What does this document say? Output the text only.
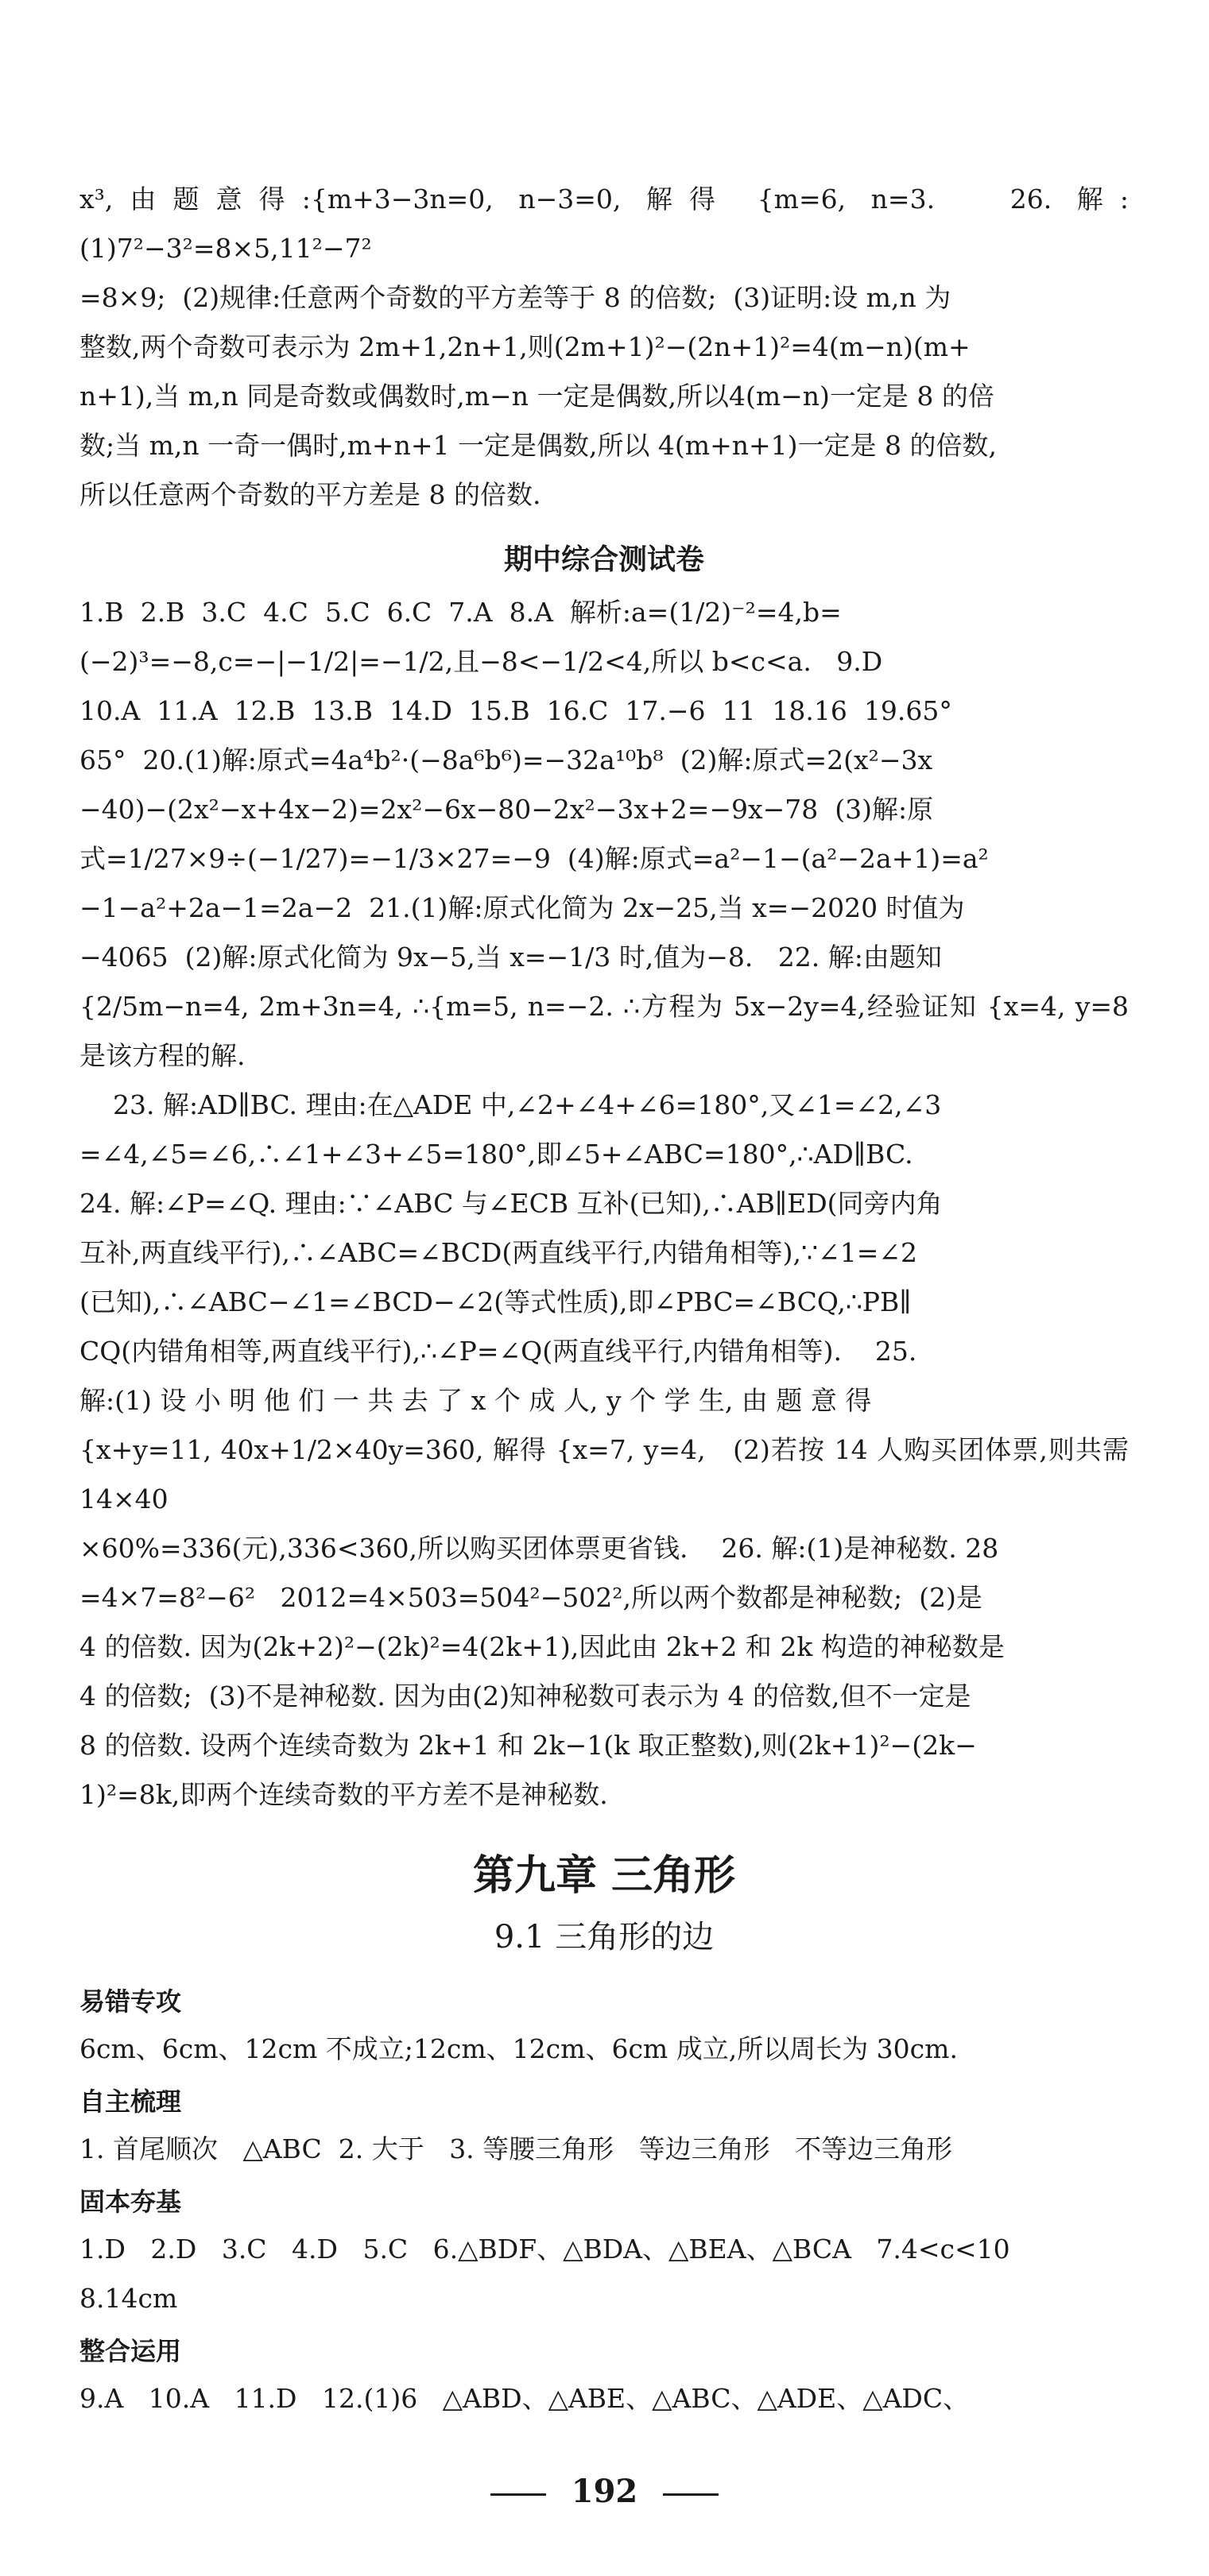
x³,由题意得:{m+3−3n=0, n−3=0, 解得 {m=6, n=3.   26. 解:(1)7²−3²=8×5,11²−7²

=8×9;  (2)规律:任意两个奇数的平方差等于 8 的倍数;  (3)证明:设 m,n 为

整数,两个奇数可表示为 2m+1,2n+1,则(2m+1)²−(2n+1)²=4(m−n)(m+

n+1),当 m,n 同是奇数或偶数时,m−n 一定是偶数,所以4(m−n)一定是 8 的倍

数;当 m,n 一奇一偶时,m+n+1 一定是偶数,所以 4(m+n+1)一定是 8 的倍数,

所以任意两个奇数的平方差是 8 的倍数.

期中综合测试卷

1.B  2.B  3.C  4.C  5.C  6.C  7.A  8.A  解析:a=(1/2)⁻²=4,b=

(−2)³=−8,c=−|−1/2|=−1/2,且−8<−1/2<4,所以 b<c<a.   9.D

10.A  11.A  12.B  13.B  14.D  15.B  16.C  17.−6  11  18.16  19.65°

65°  20.(1)解:原式=4a⁴b²·(−8a⁶b⁶)=−32a¹⁰b⁸  (2)解:原式=2(x²−3x

−40)−(2x²−x+4x−2)=2x²−6x−80−2x²−3x+2=−9x−78  (3)解:原

式=1/27×9÷(−1/27)=−1/3×27=−9  (4)解:原式=a²−1−(a²−2a+1)=a²

−1−a²+2a−1=2a−2  21.(1)解:原式化简为 2x−25,当 x=−2020 时值为

−4065  (2)解:原式化简为 9x−5,当 x=−1/3 时,值为−8.   22. 解:由题知

{2/5m−n=4, 2m+3n=4, ∴{m=5, n=−2. ∴方程为 5x−2y=4,经验证知 {x=4, y=8 是该方程的解.

23. 解:AD∥BC. 理由:在△ADE 中,∠2+∠4+∠6=180°,又∠1=∠2,∠3

=∠4,∠5=∠6,∴∠1+∠3+∠5=180°,即∠5+∠ABC=180°,∴AD∥BC.

24. 解:∠P=∠Q. 理由:∵∠ABC 与∠ECB 互补(已知),∴AB∥ED(同旁内角

互补,两直线平行),∴∠ABC=∠BCD(两直线平行,内错角相等),∵∠1=∠2

(已知),∴∠ABC−∠1=∠BCD−∠2(等式性质),即∠PBC=∠BCQ,∴PB∥

CQ(内错角相等,两直线平行),∴∠P=∠Q(两直线平行,内错角相等).    25.

解:(1) 设 小 明 他 们 一 共 去 了 x 个 成 人, y 个 学 生, 由 题 意 得

{x+y=11, 40x+1/2×40y=360, 解得 {x=7, y=4,   (2)若按 14 人购买团体票,则共需 14×40

×60%=336(元),336<360,所以购买团体票更省钱.    26. 解:(1)是神秘数. 28

=4×7=8²−6²   2012=4×503=504²−502²,所以两个数都是神秘数;  (2)是

4 的倍数. 因为(2k+2)²−(2k)²=4(2k+1),因此由 2k+2 和 2k 构造的神秘数是

4 的倍数;  (3)不是神秘数. 因为由(2)知神秘数可表示为 4 的倍数,但不一定是

8 的倍数. 设两个连续奇数为 2k+1 和 2k−1(k 取正整数),则(2k+1)²−(2k−

1)²=8k,即两个连续奇数的平方差不是神秘数.

第九章 三角形
9.1 三角形的边
易错专攻

6cm、6cm、12cm 不成立;12cm、12cm、6cm 成立,所以周长为 30cm.

自主梳理

1. 首尾顺次   △ABC  2. 大于   3. 等腰三角形   等边三角形   不等边三角形

固本夯基

1.D   2.D   3.C   4.D   5.C   6.△BDF、△BDA、△BEA、△BCA   7.4<c<10

8.14cm

整合运用

9.A   10.A   11.D   12.(1)6   △ABD、△ABE、△ABC、△ADE、△ADC、

192
